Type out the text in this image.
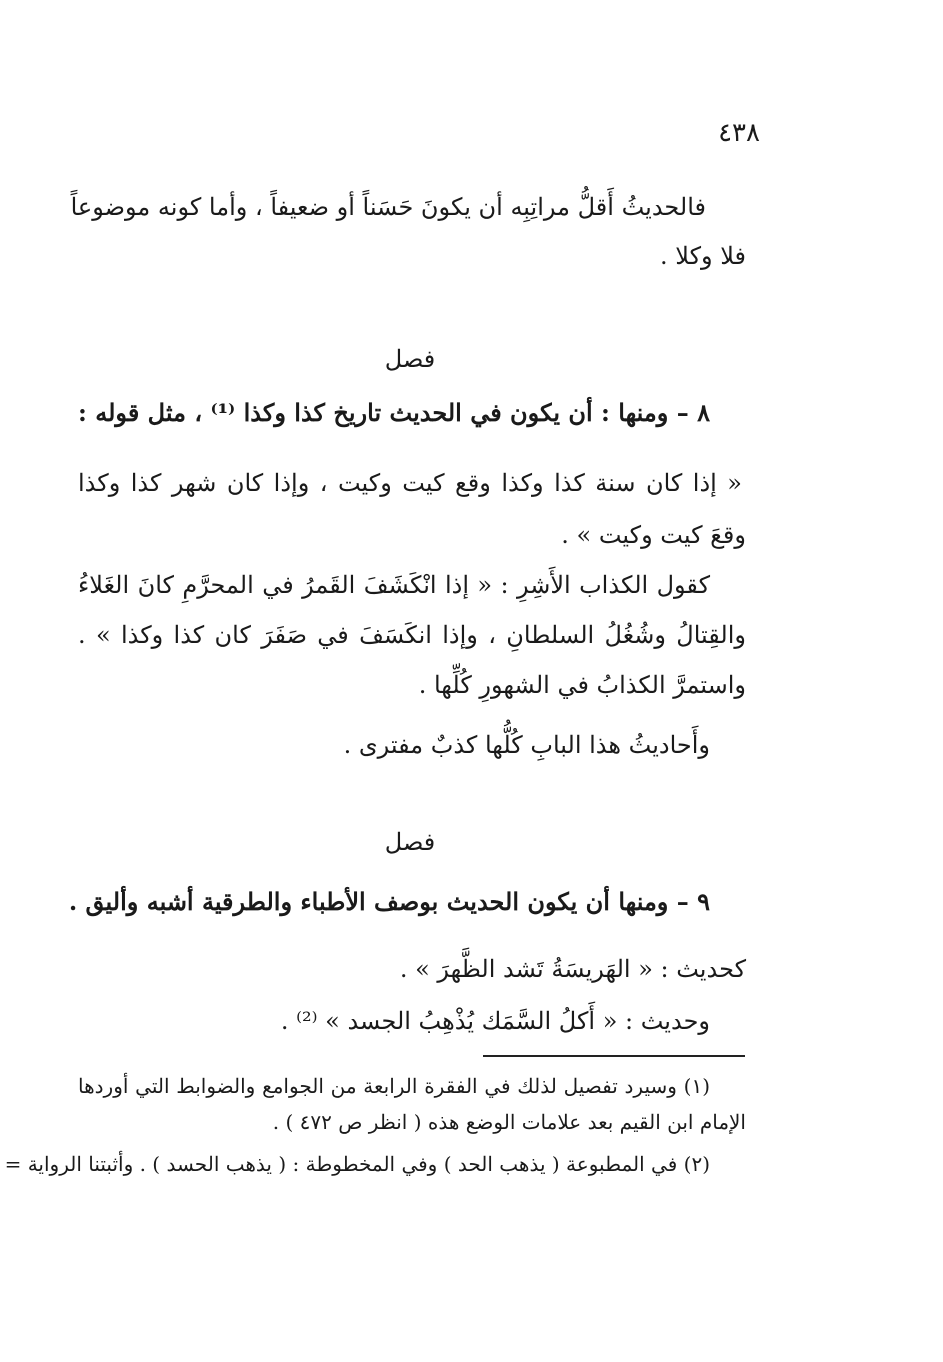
٤٣٨
فالحديثُ أَقلُّ مراتِبِه أن يكونَ حَسَناً أو ضعيفاً ، وأما كونه موضوعاً
فلا وكلا .
فصل
٨ – ومنها : أن يكون في الحديث تاريخ كذا وكذا ⁽¹⁾ ، مثل قوله :
« إذا كان سنة كذا وكذا وقع كيت وكيت ، وإذا كان شهر كذا وكذا
وقعَ كيت وكيت » .
كقول الكذاب الأَشِرِ : « إذا انْكَشَفَ القَمرُ في المحرَّمِ كانَ الغَلاءُ
والقِتالُ وشُغُلُ السلطانِ ، وإذا انكَسَفَ في صَفَرَ كان كذا وكذا » .
واستمرَّ الكذابُ في الشهورِ كُلِّها .
وأَحاديثُ هذا البابِ كُلُّها كذبٌ مفترى .
فصل
٩ – ومنها أن يكون الحديث بوصف الأطباء والطرقية أشبه وأليق .
كحديث : « الهَريسَةُ تَشد الظَّهرَ » .
وحديث : « أَكلُ السَّمَك يُذْهِبُ الجسد » ⁽²⁾ .
(١) وسيرد تفصيل لذلك في الفقرة الرابعة من الجوامع والضوابط التي أوردها
الإمام ابن القيم بعد علامات الوضع هذه ( انظر ص ٤٧٢ ) .
(٢) في المطبوعة ( يذهب الحد ) وفي المخطوطة : ( يذهب الحسد ) . وأثبتنا الرواية =
